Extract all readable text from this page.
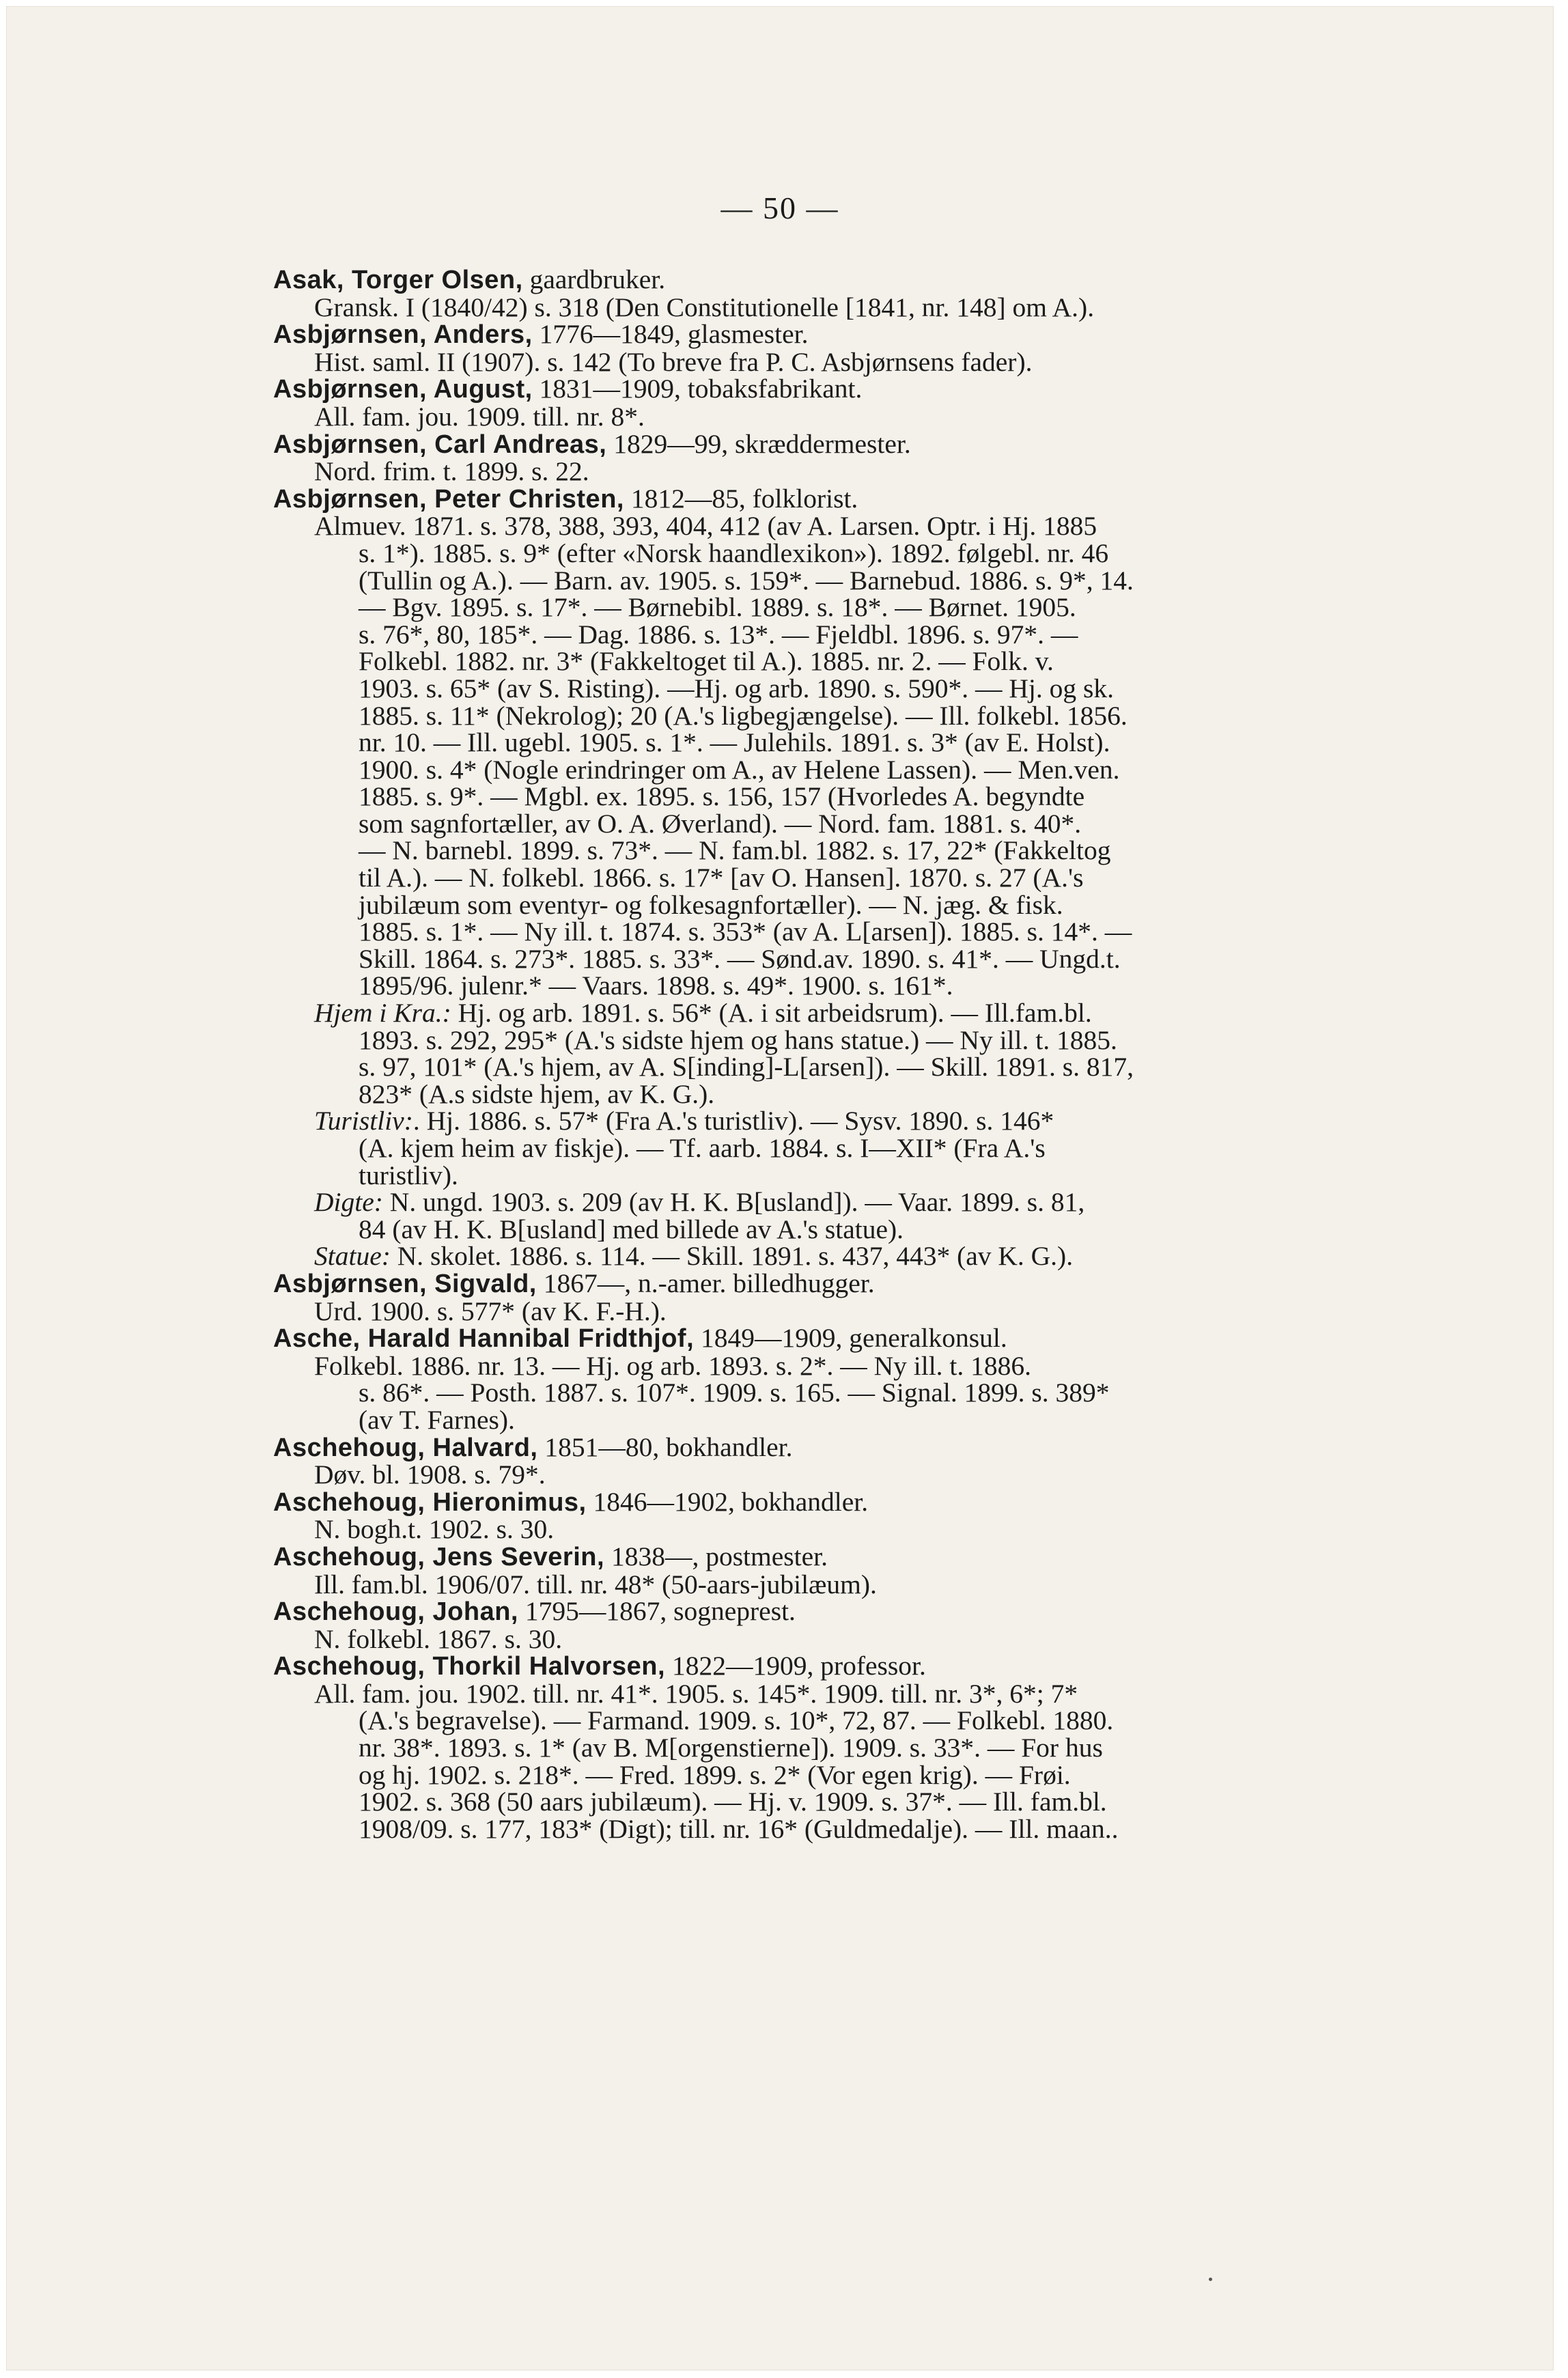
— 50 —
Asak, Torger Olsen, gaardbruker.
Gransk. I (1840/42) s. 318 (Den Constitutionelle [1841, nr. 148] om A.).
Asbjørnsen, Anders, 1776—1849, glasmester.
Hist. saml. II (1907). s. 142 (To breve fra P. C. Asbjørnsens fader).
Asbjørnsen, August, 1831—1909, tobaksfabrikant.
All. fam. jou. 1909. till. nr. 8*.
Asbjørnsen, Carl Andreas, 1829—99, skræddermester.
Nord. frim. t. 1899. s. 22.
Asbjørnsen, Peter Christen, 1812—85, folklorist.
Almuev. 1871. s. 378, 388, 393, 404, 412 (av A. Larsen. Optr. i Hj. 1885
s. 1*). 1885. s. 9* (efter «Norsk haandlexikon»). 1892. følgebl. nr. 46
(Tullin og A.). — Barn. av. 1905. s. 159*. — Barnebud. 1886. s. 9*, 14.
— Bgv. 1895. s. 17*. — Børnebibl. 1889. s. 18*. — Børnet. 1905.
s. 76*, 80, 185*. — Dag. 1886. s. 13*. — Fjeldbl. 1896. s. 97*. —
Folkebl. 1882. nr. 3* (Fakkeltoget til A.). 1885. nr. 2. — Folk. v.
1903. s. 65* (av S. Risting). —Hj. og arb. 1890. s. 590*. — Hj. og sk.
1885. s. 11* (Nekrolog); 20 (A.'s ligbegjængelse). — Ill. folkebl. 1856.
nr. 10. — Ill. ugebl. 1905. s. 1*. — Julehils. 1891. s. 3* (av E. Holst).
1900. s. 4* (Nogle erindringer om A., av Helene Lassen). — Men.ven.
1885. s. 9*. — Mgbl. ex. 1895. s. 156, 157 (Hvorledes A. begyndte
som sagnfortæller, av O. A. Øverland). — Nord. fam. 1881. s. 40*.
— N. barnebl. 1899. s. 73*. — N. fam.bl. 1882. s. 17, 22* (Fakkeltog
til A.). — N. folkebl. 1866. s. 17* [av O. Hansen]. 1870. s. 27 (A.'s
jubilæum som eventyr- og folkesagnfortæller). — N. jæg. & fisk.
1885. s. 1*. — Ny ill. t. 1874. s. 353* (av A. L[arsen]). 1885. s. 14*. —
Skill. 1864. s. 273*. 1885. s. 33*. — Sønd.av. 1890. s. 41*. — Ungd.t.
1895/96. julenr.* — Vaars. 1898. s. 49*. 1900. s. 161*.
Hjem i Kra.: Hj. og arb. 1891. s. 56* (A. i sit arbeidsrum). — Ill.fam.bl.
1893. s. 292, 295* (A.'s sidste hjem og hans statue.) — Ny ill. t. 1885.
s. 97, 101* (A.'s hjem, av A. S[inding]-L[arsen]). — Skill. 1891. s. 817,
823* (A.s sidste hjem, av K. G.).
Turistliv:. Hj. 1886. s. 57* (Fra A.'s turistliv). — Sysv. 1890. s. 146*
(A. kjem heim av fiskje). — Tf. aarb. 1884. s. I—XII* (Fra A.'s
turistliv).
Digte: N. ungd. 1903. s. 209 (av H. K. B[usland]). — Vaar. 1899. s. 81,
84 (av H. K. B[usland] med billede av A.'s statue).
Statue: N. skolet. 1886. s. 114. — Skill. 1891. s. 437, 443* (av K. G.).
Asbjørnsen, Sigvald, 1867—, n.-amer. billedhugger.
Urd. 1900. s. 577* (av K. F.-H.).
Asche, Harald Hannibal Fridthjof, 1849—1909, generalkonsul.
Folkebl. 1886. nr. 13. — Hj. og arb. 1893. s. 2*. — Ny ill. t. 1886.
s. 86*. — Posth. 1887. s. 107*. 1909. s. 165. — Signal. 1899. s. 389*
(av T. Farnes).
Aschehoug, Halvard, 1851—80, bokhandler.
Døv. bl. 1908. s. 79*.
Aschehoug, Hieronimus, 1846—1902, bokhandler.
N. bogh.t. 1902. s. 30.
Aschehoug, Jens Severin, 1838—, postmester.
Ill. fam.bl. 1906/07. till. nr. 48* (50-aars-jubilæum).
Aschehoug, Johan, 1795—1867, sogneprest.
N. folkebl. 1867. s. 30.
Aschehoug, Thorkil Halvorsen, 1822—1909, professor.
All. fam. jou. 1902. till. nr. 41*. 1905. s. 145*. 1909. till. nr. 3*, 6*; 7*
(A.'s begravelse). — Farmand. 1909. s. 10*, 72, 87. — Folkebl. 1880.
nr. 38*. 1893. s. 1* (av B. M[orgenstierne]). 1909. s. 33*. — For hus
og hj. 1902. s. 218*. — Fred. 1899. s. 2* (Vor egen krig). — Frøi.
1902. s. 368 (50 aars jubilæum). — Hj. v. 1909. s. 37*. — Ill. fam.bl.
1908/09. s. 177, 183* (Digt); till. nr. 16* (Guldmedalje). — Ill. maan..
